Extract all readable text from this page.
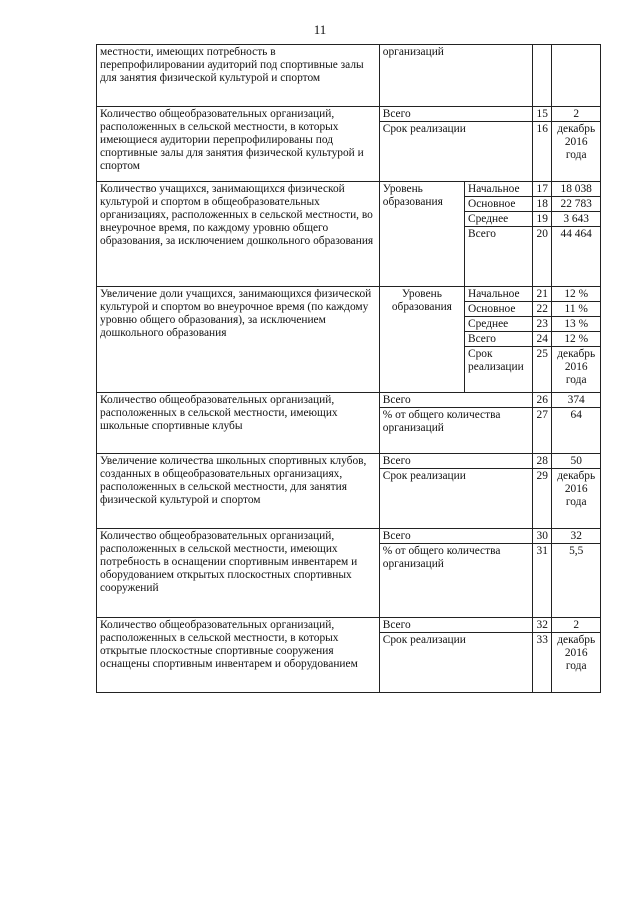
11
местности, имеющих потребность в перепрофилировании аудиторий под спортивные залы для занятия физической культурой и спортом	организаций			
Количество общеобразовательных организаций, расположенных в сельской местности, в которых имеющиеся аудитории перепрофилированы под спортивные залы для занятия физической культурой и спортом	Всего		15	2
	Срок реализации		16	декабрь 2016 года
Количество учащихся, занимающихся физической культурой и спортом в общеобразовательных организациях, расположенных в сельской местности, во внеурочное время, по каждому уровню общего образования, за исключением дошкольного образования	Уровень образования	Начальное	17	18 038
		Основное	18	22 783
		Среднее	19	3 643
		Всего	20	44 464
Увеличение доли учащихся, занимающихся физической культурой и спортом во внеурочное время (по каждому уровню общего образования), за исключением дошкольного образования	Уровень образования	Начальное	21	12 %
		Основное	22	11 %
		Среднее	23	13 %
		Всего	24	12 %
		Срок реализации	25	декабрь 2016 года
Количество общеобразовательных организаций, расположенных в сельской местности, имеющих школьные спортивные клубы	Всего		26	374
	% от общего количества организаций		27	64
Увеличение количества школьных спортивных клубов, созданных в общеобразовательных организациях, расположенных в сельской местности, для занятия физической культурой и спортом	Всего		28	50
	Срок реализации		29	декабрь 2016 года
Количество общеобразовательных организаций, расположенных в сельской местности, имеющих потребность в оснащении спортивным инвентарем и оборудованием открытых плоскостных спортивных сооружений	Всего		30	32
	% от общего количества организаций		31	5,5
Количество общеобразовательных организаций, расположенных в сельской местности, в которых открытые плоскостные спортивные сооружения оснащены спортивным инвентарем и оборудованием	Всего		32	2
	Срок реализации		33	декабрь 2016 года
